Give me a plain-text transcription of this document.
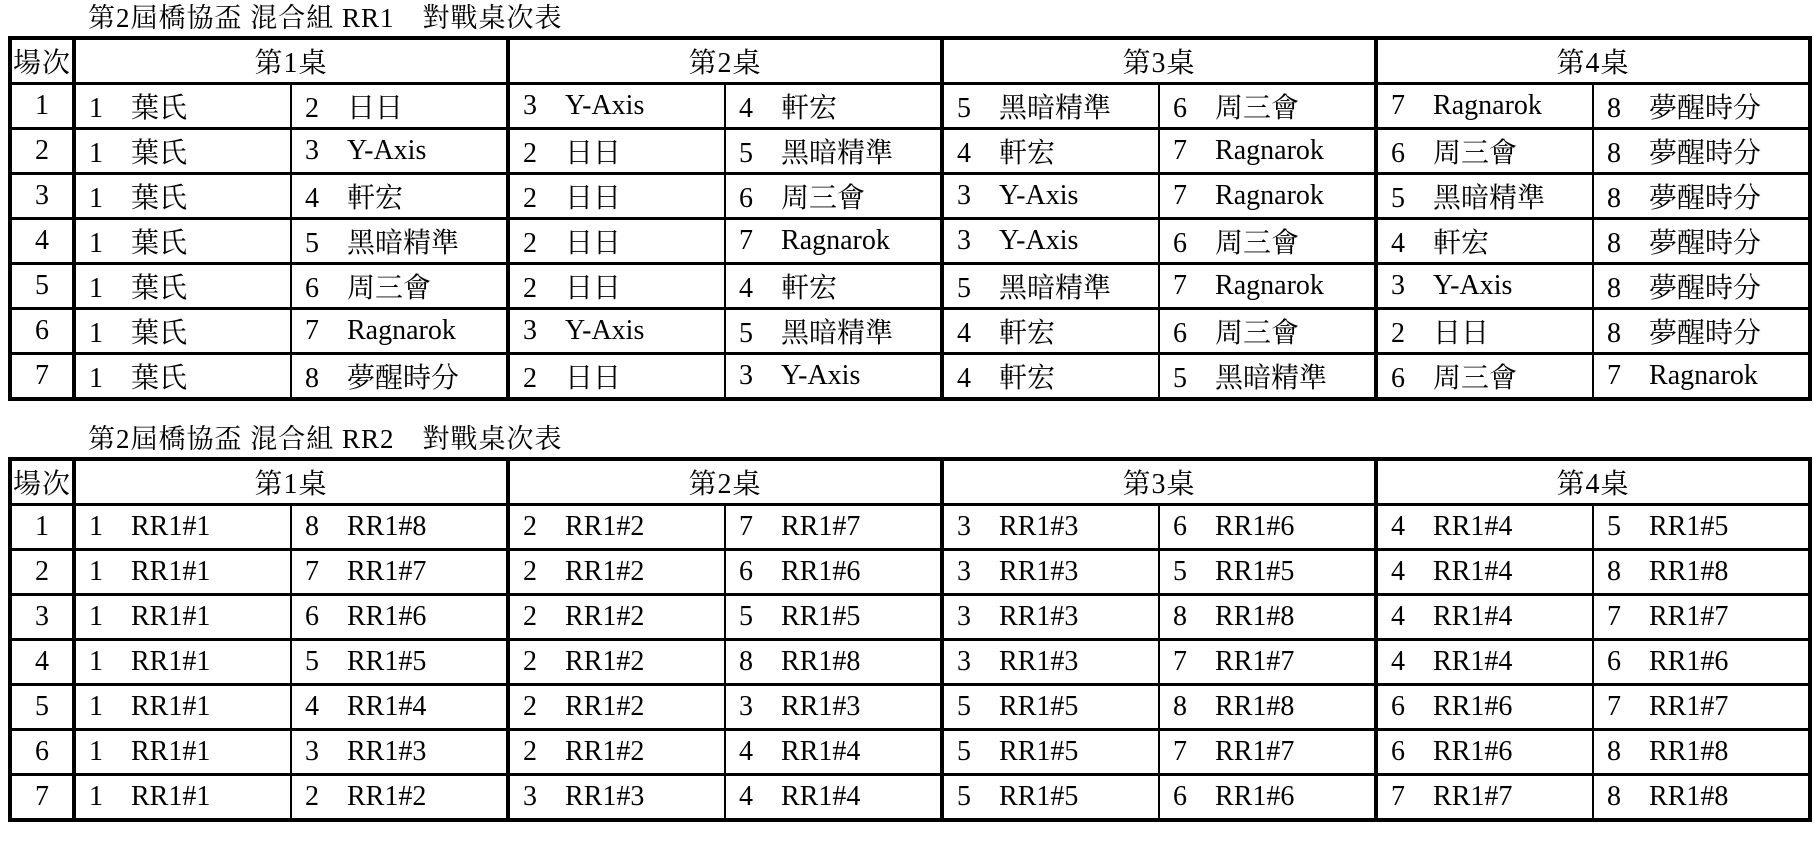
第2屆橋協盃 混合組 RR1　對戰桌次表
場次	第1桌		第2桌		第3桌		第4桌	
1	1 葉氏	2 日日	3 Y-Axis	4 軒宏	5 黑暗精準	6 周三會	7 Ragnarok	8 夢醒時分
2	1 葉氏	3 Y-Axis	2 日日	5 黑暗精準	4 軒宏	7 Ragnarok	6 周三會	8 夢醒時分
3	1 葉氏	4 軒宏	2 日日	6 周三會	3 Y-Axis	7 Ragnarok	5 黑暗精準	8 夢醒時分
4	1 葉氏	5 黑暗精準	2 日日	7 Ragnarok	3 Y-Axis	6 周三會	4 軒宏	8 夢醒時分
5	1 葉氏	6 周三會	2 日日	4 軒宏	5 黑暗精準	7 Ragnarok	3 Y-Axis	8 夢醒時分
6	1 葉氏	7 Ragnarok	3 Y-Axis	5 黑暗精準	4 軒宏	6 周三會	2 日日	8 夢醒時分
7	1 葉氏	8 夢醒時分	2 日日	3 Y-Axis	4 軒宏	5 黑暗精準	6 周三會	7 Ragnarok
第2屆橋協盃 混合組 RR2　對戰桌次表
場次	第1桌		第2桌		第3桌		第4桌	
1	1 RR1#1	8 RR1#8	2 RR1#2	7 RR1#7	3 RR1#3	6 RR1#6	4 RR1#4	5 RR1#5
2	1 RR1#1	7 RR1#7	2 RR1#2	6 RR1#6	3 RR1#3	5 RR1#5	4 RR1#4	8 RR1#8
3	1 RR1#1	6 RR1#6	2 RR1#2	5 RR1#5	3 RR1#3	8 RR1#8	4 RR1#4	7 RR1#7
4	1 RR1#1	5 RR1#5	2 RR1#2	8 RR1#8	3 RR1#3	7 RR1#7	4 RR1#4	6 RR1#6
5	1 RR1#1	4 RR1#4	2 RR1#2	3 RR1#3	5 RR1#5	8 RR1#8	6 RR1#6	7 RR1#7
6	1 RR1#1	3 RR1#3	2 RR1#2	4 RR1#4	5 RR1#5	7 RR1#7	6 RR1#6	8 RR1#8
7	1 RR1#1	2 RR1#2	3 RR1#3	4 RR1#4	5 RR1#5	6 RR1#6	7 RR1#7	8 RR1#8
